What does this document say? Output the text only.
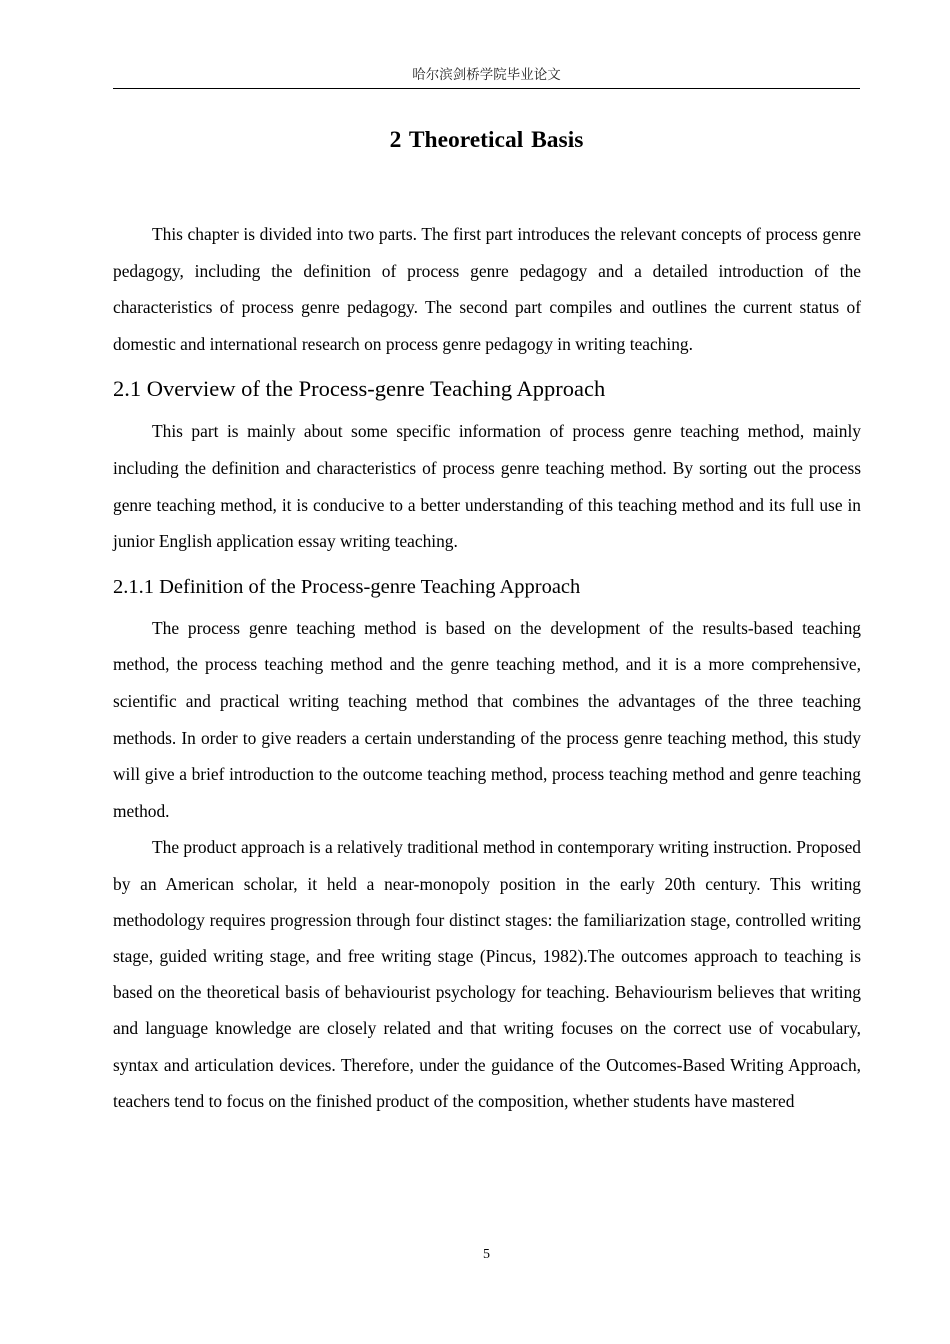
哈尔滨剑桥学院毕业论文
2 Theoretical Basis

This chapter is divided into two parts. The first part introduces the relevant concepts of process genre pedagogy, including the definition of process genre pedagogy and a detailed introduction of the characteristics of process genre pedagogy. The second part compiles and outlines the current status of domestic and international research on process genre pedagogy in writing teaching.

2.1 Overview of the Process-genre Teaching Approach

This part is mainly about some specific information of process genre teaching method, mainly including the definition and characteristics of process genre teaching method. By sorting out the process genre teaching method, it is conducive to a better understanding of this teaching method and its full use in junior English application essay writing teaching.

2.1.1 Definition of the Process-genre Teaching Approach

The process genre teaching method is based on the development of the results-based teaching method, the process teaching method and the genre teaching method, and it is a more comprehensive, scientific and practical writing teaching method that combines the advantages of the three teaching methods. In order to give readers a certain understanding of the process genre teaching method, this study will give a brief introduction to the outcome teaching method, process teaching method and genre teaching method.

The product approach is a relatively traditional method in contemporary writing instruction. Proposed by an American scholar, it held a near-monopoly position in the early 20th century. This writing methodology requires progression through four distinct stages: the familiarization stage, controlled writing stage, guided writing stage, and free writing stage (Pincus, 1982).The outcomes approach to teaching is based on the theoretical basis of behaviourist psychology for teaching. Behaviourism believes that writing and language knowledge are closely related and that writing focuses on the correct use of vocabulary, syntax and articulation devices. Therefore, under the guidance of the Outcomes-Based Writing Approach, teachers tend to focus on the finished product of the composition, whether students have mastered

5
